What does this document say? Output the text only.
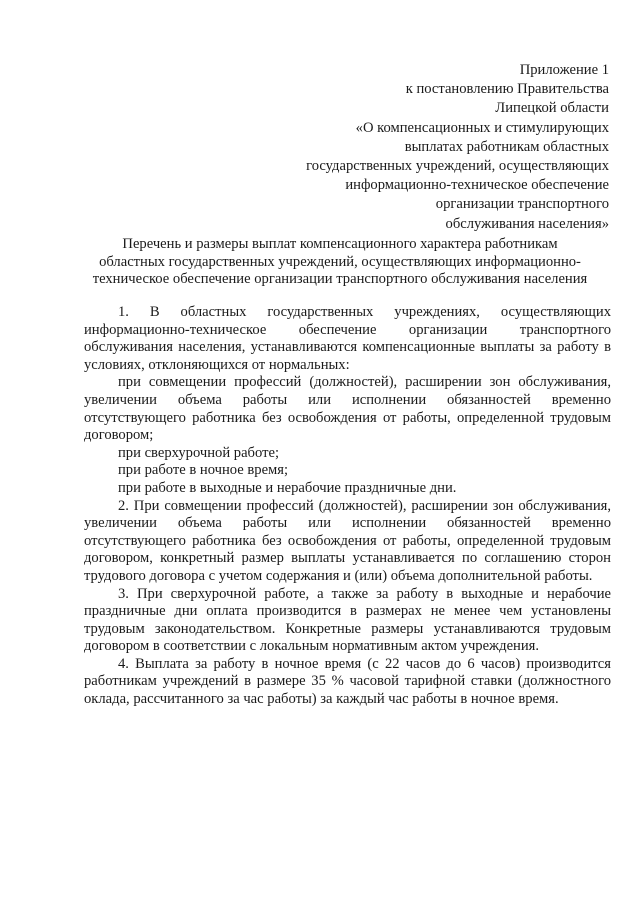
Приложение 1
к постановлению Правительства
Липецкой области
«О компенсационных и стимулирующих
выплатах работникам областных
государственных учреждений, осуществляющих
информационно-техническое обеспечение
организации транспортного
обслуживания населения»
Перечень и размеры выплат компенсационного характера работникам
областных государственных учреждений, осуществляющих информационно-
техническое обеспечение организации транспортного обслуживания населения

1. В областных государственных учреждениях, осуществляющих информационно-техническое обеспечение организации транспортного обслуживания населения, устанавливаются компенсационные выплаты за работу в условиях, отклоняющихся от нормальных:

при совмещении профессий (должностей), расширении зон обслуживания, увеличении объема работы или исполнении обязанностей временно отсутствующего работника без освобождения от работы, определенной трудовым договором;

при сверхурочной работе;

при работе в ночное время;

при работе в выходные и нерабочие праздничные дни.

2. При совмещении профессий (должностей), расширении зон обслуживания, увеличении объема работы или исполнении обязанностей временно отсутствующего работника без освобождения от работы, определенной трудовым договором, конкретный размер выплаты устанавливается по соглашению сторон трудового договора с учетом содержания и (или) объема дополнительной работы.

3. При сверхурочной работе, а также за работу в выходные и нерабочие праздничные дни оплата производится в размерах не менее чем установлены трудовым законодательством. Конкретные размеры устанавливаются трудовым договором в соответствии с локальным нормативным актом учреждения.

4. Выплата за работу в ночное время (с 22 часов до 6 часов) производится работникам учреждений в размере 35 % часовой тарифной ставки (должностного оклада, рассчитанного за час работы) за каждый час работы в ночное время.
